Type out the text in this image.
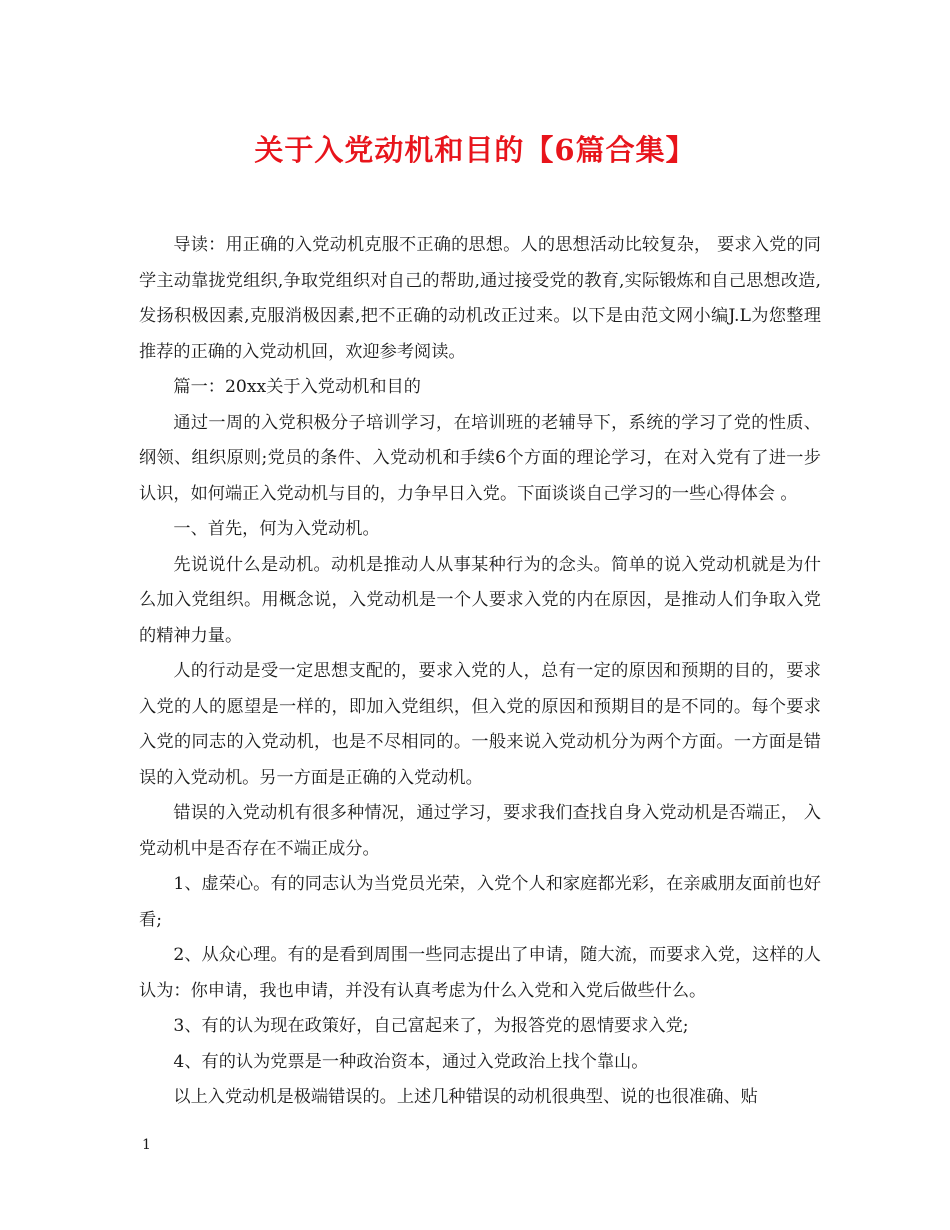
关于入党动机和目的【6篇合集】

导读：用正确的入党动机克服不正确的思想。人的思想活动比较复杂， 要求入党的同学主动靠拢党组织,争取党组织对自己的帮助,通过接受党的教育,实际锻炼和自己思想改造,发扬积极因素,克服消极因素,把不正确的动机改正过来。以下是由范文网小编J.L为您整理推荐的正确的入党动机回，欢迎参考阅读。

篇一：20xx关于入党动机和目的

通过一周的入党积极分子培训学习，在培训班的老辅导下，系统的学习了党的性质、纲领、组织原则;党员的条件、入党动机和手续6个方面的理论学习，在对入党有了进一步认识，如何端正入党动机与目的，力争早日入党。下面谈谈自己学习的一些心得体会 。

一、首先，何为入党动机。

先说说什么是动机。动机是推动人从事某种行为的念头。简单的说入党动机就是为什么加入党组织。用概念说，入党动机是一个人要求入党的内在原因，是推动人们争取入党的精神力量。

人的行动是受一定思想支配的，要求入党的人，总有一定的原因和预期的目的，要求入党的人的愿望是一样的，即加入党组织，但入党的原因和预期目的是不同的。每个要求入党的同志的入党动机，也是不尽相同的。一般来说入党动机分为两个方面。一方面是错误的入党动机。另一方面是正确的入党动机。

错误的入党动机有很多种情况，通过学习，要求我们查找自身入党动机是否端正， 入党动机中是否存在不端正成分。

1、虚荣心。有的同志认为当党员光荣，入党个人和家庭都光彩，在亲戚朋友面前也好看;

2、从众心理。有的是看到周围一些同志提出了申请，随大流，而要求入党，这样的人认为：你申请，我也申请，并没有认真考虑为什么入党和入党后做些什么。

3、有的认为现在政策好，自己富起来了，为报答党的恩情要求入党;

4、有的认为党票是一种政治资本，通过入党政治上找个靠山。

以上入党动机是极端错误的。上述几种错误的动机很典型、说的也很准确、贴

1
